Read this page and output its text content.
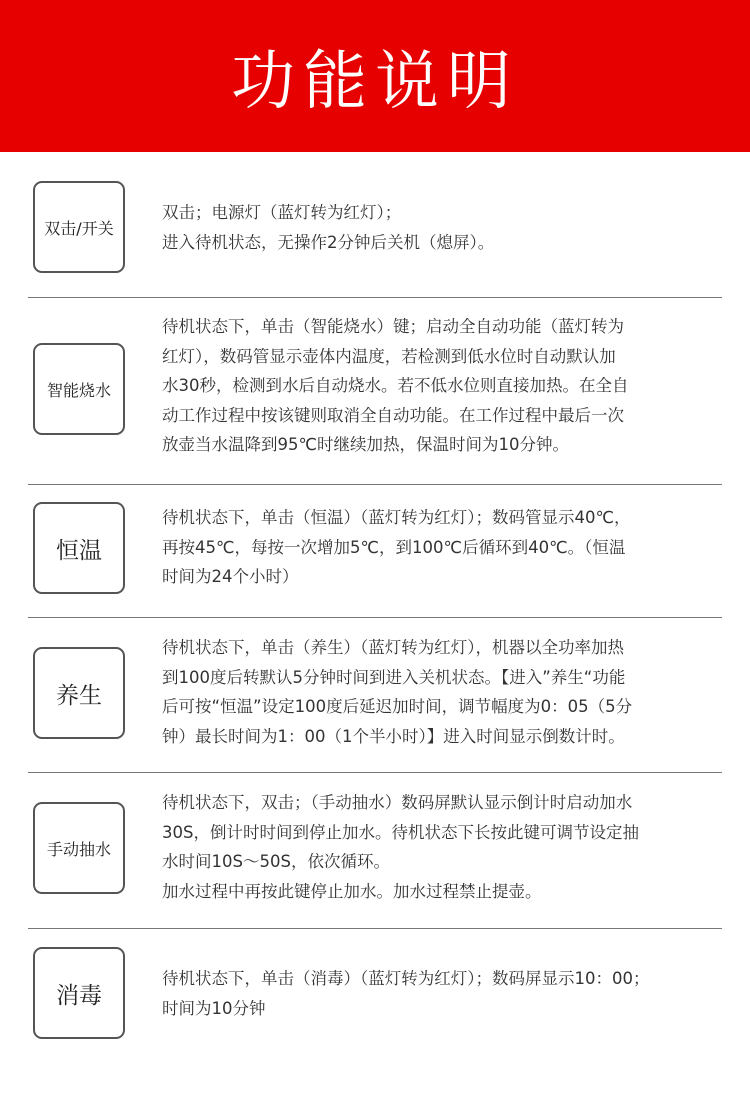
功能说明
双击/开关
双击；电源灯（蓝灯转为红灯）；
进入待机状态，无操作2分钟后关机（熄屏）。
智能烧水
待机状态下，单击（智能烧水）键；启动全自动功能（蓝灯转为
红灯），数码管显示壶体内温度，若检测到低水位时自动默认加
水30秒，检测到水后自动烧水。若不低水位则直接加热。在全自
动工作过程中按该键则取消全自动功能。在工作过程中最后一次
放壶当水温降到95℃时继续加热，保温时间为10分钟。
恒温
待机状态下，单击（恒温）（蓝灯转为红灯）；数码管显示40℃，
再按45℃，每按一次增加5℃，到100℃后循环到40℃。（恒温
时间为24个小时）
养生
待机状态下，单击（养生）（蓝灯转为红灯），机器以全功率加热
到100度后转默认5分钟时间到进入关机状态。【进入”养生“功能
后可按“恒温”设定100度后延迟加时间，调节幅度为0：05（5分
钟）最长时间为1：00（1个半小时）】进入时间显示倒数计时。
手动抽水
待机状态下，双击；（手动抽水）数码屏默认显示倒计时启动加水
30S，倒计时时间到停止加水。待机状态下长按此键可调节设定抽
水时间10S～50S，依次循环。
加水过程中再按此键停止加水。加水过程禁止提壶。
消毒
待机状态下，单击（消毒）（蓝灯转为红灯）；数码屏显示10：00；
时间为10分钟
